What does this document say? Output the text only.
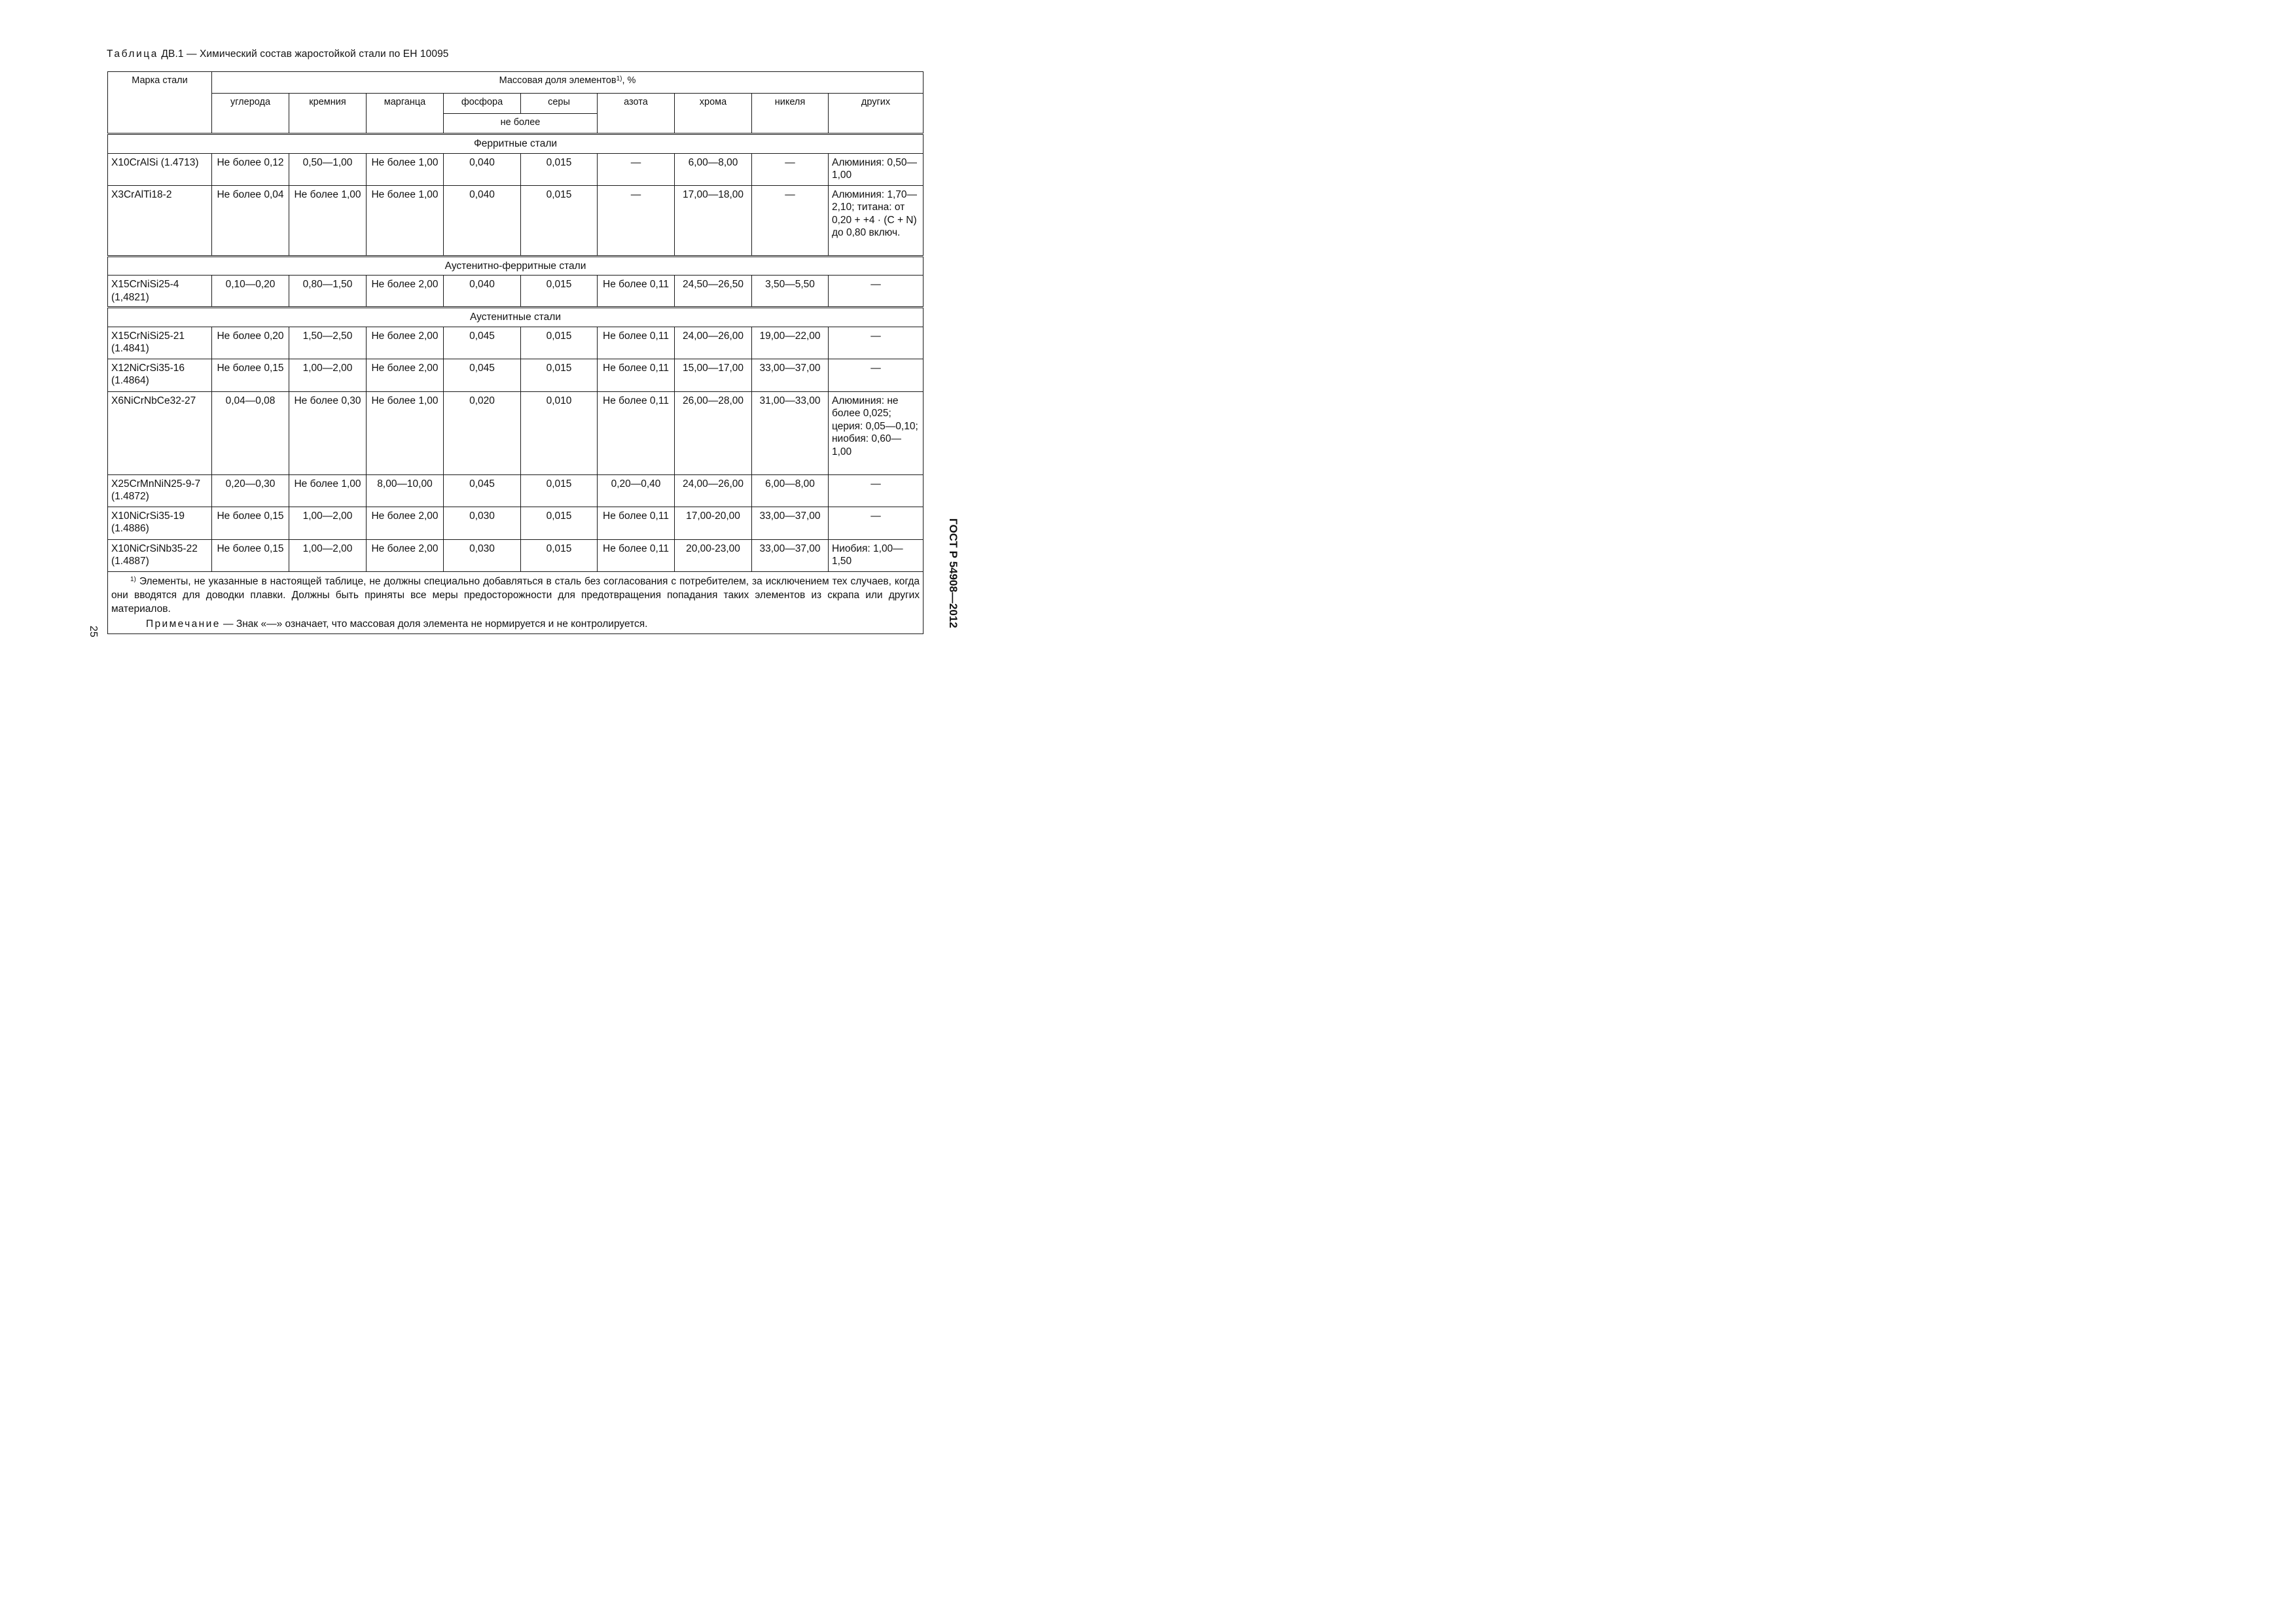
Таблица ДВ.1 — Химический состав жаростойкой стали по ЕН 10095
Марка стали	Массовая доля элементов$^{1)}$, %								
	углерода	кремния	марганца	фосфора	серы	азота	хрома	никеля	других
				не более					
Ферритные стали									
X10CrAlSi (1.4713)	Не более 0,12	0,50—1,00	Не более 1,00	0,040	0,015	—	6,00—8,00	—	Алюминия: 0,50—1,00
X3CrAlTi18-2	Не более 0,04	Не более 1,00	Не более 1,00	0,040	0,015	—	17,00—18,00	—	Алюминия: 1,70—2,10; титана: от 0,20 + +4 · (C + N) до 0,80 включ.
Аустенитно-ферритные стали									
X15CrNiSi25-4 (1,4821)	0,10—0,20	0,80—1,50	Не более 2,00	0,040	0,015	Не более 0,11	24,50—26,50	3,50—5,50	—
Аустенитные стали									
X15CrNiSi25-21 (1.4841)	Не более 0,20	1,50—2,50	Не более 2,00	0,045	0,015	Не более 0,11	24,00—26,00	19,00—22,00	—
X12NiCrSi35-16 (1.4864)	Не более 0,15	1,00—2,00	Не более 2,00	0,045	0,015	Не более 0,11	15,00—17,00	33,00—37,00	—
X6NiCrNbCe32-27	0,04—0,08	Не более 0,30	Не более 1,00	0,020	0,010	Не более 0,11	26,00—28,00	31,00—33,00	Алюминия: не более 0,025; церия: 0,05—0,10; ниобия: 0,60—1,00
X25CrMnNiN25-9-7 (1.4872)	0,20—0,30	Не более 1,00	8,00—10,00	0,045	0,015	0,20—0,40	24,00—26,00	6,00—8,00	—
X10NiCrSi35-19 (1.4886)	Не более 0,15	1,00—2,00	Не более 2,00	0,030	0,015	Не более 0,11	17,00-20,00	33,00—37,00	—
X10NiCrSiNb35-22 (1.4887)	Не более 0,15	1,00—2,00	Не более 2,00	0,030	0,015	Не более 0,11	20,00-23,00	33,00—37,00	Ниобия: 1,00—1,50

$^{1)}$ Элементы, не указанные в настоящей таблице, не должны специально добавляться в сталь без согласования с потребителем, за исключением тех случаев, когда они вводятся для доводки плавки. Должны быть приняты все меры предосторожности для предотвращения попадания таких элементов из скрапа или других материалов.

Примечание — Знак «—» означает, что массовая доля элемента не нормируется и не контролируется.										ГОСТ Р 54908—2012
25
